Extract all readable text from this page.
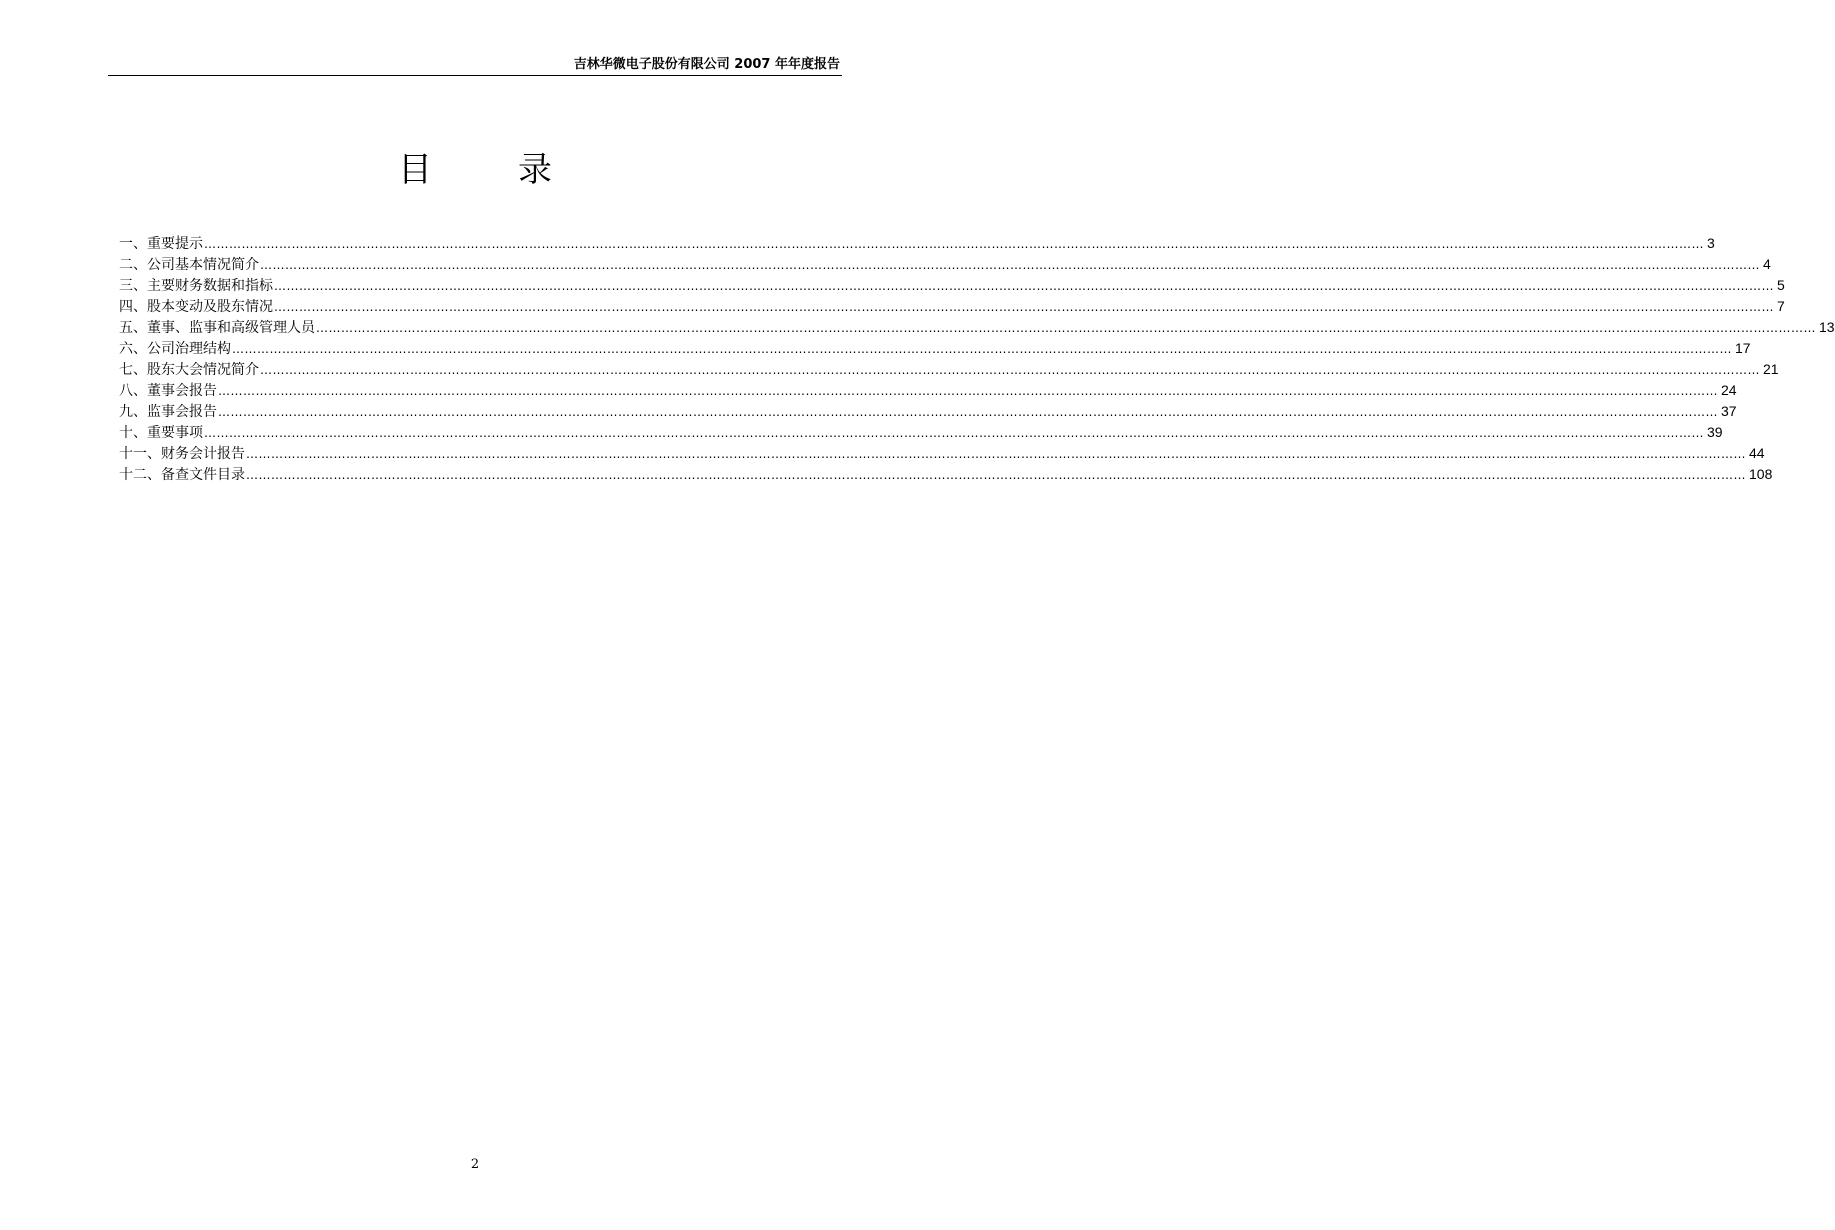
吉林华微电子股份有限公司 2007 年年度报告
目录
一、重要提示 ……………………………………………………………………………………………………………………………………………………………………………………………………………………………………………………………………………………………………………………………… 3
二、公司基本情况简介 ……………………………………………………………………………………………………………………………………………………………………………………………………………………………………………………………………………………………………………………………… 4
三、主要财务数据和指标 ……………………………………………………………………………………………………………………………………………………………………………………………………………………………………………………………………………………………………………………………… 5
四、股本变动及股东情况 ……………………………………………………………………………………………………………………………………………………………………………………………………………………………………………………………………………………………………………………………… 7
五、董事、监事和高级管理人员 ……………………………………………………………………………………………………………………………………………………………………………………………………………………………………………………………………………………………………………………………… 13
六、公司治理结构 ……………………………………………………………………………………………………………………………………………………………………………………………………………………………………………………………………………………………………………………………… 17
七、股东大会情况简介 ……………………………………………………………………………………………………………………………………………………………………………………………………………………………………………………………………………………………………………………………… 21
八、董事会报告 ……………………………………………………………………………………………………………………………………………………………………………………………………………………………………………………………………………………………………………………………… 24
九、监事会报告 ……………………………………………………………………………………………………………………………………………………………………………………………………………………………………………………………………………………………………………………………… 37
十、重要事项 ……………………………………………………………………………………………………………………………………………………………………………………………………………………………………………………………………………………………………………………………… 39
十一、财务会计报告 ……………………………………………………………………………………………………………………………………………………………………………………………………………………………………………………………………………………………………………………………… 44
十二、备查文件目录 ……………………………………………………………………………………………………………………………………………………………………………………………………………………………………………………………………………………………………………………………… 108
2
